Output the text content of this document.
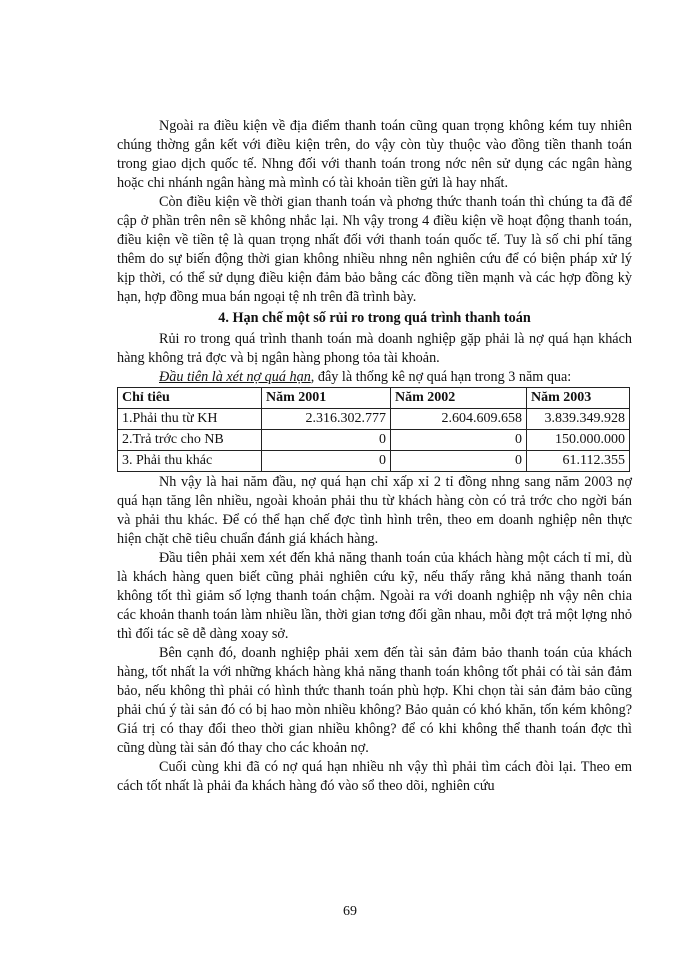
Ngoài ra điều kiện về địa điểm thanh toán cũng quan trọng không kém tuy nhiên chúng thờng gắn kết với điều kiện trên, do vậy còn tùy thuộc vào đồng tiền thanh toán trong giao dịch quốc tế. Nhng đối với thanh toán trong nớc nên sử dụng các ngân hàng hoặc chi nhánh ngân hàng mà mình có tài khoản tiền gửi là hay nhất.

Còn điều kiện về thời gian thanh toán và phơng thức thanh toán thì chúng ta đã để cập ở phần trên nên sẽ không nhắc lại. Nh vậy trong 4 điều kiện về hoạt động thanh toán, điều kiện về tiền tệ là quan trọng nhất đối với thanh toán quốc tế. Tuy là số chi phí tăng thêm do sự biến động thời gian không nhiều nhng nên nghiên cứu để có biện pháp xử lý kịp thời, có thể sử dụng điều kiện đảm bảo bằng các đồng tiền mạnh và các hợp đồng kỳ hạn, hợp đồng mua bán ngoại tệ nh trên đã trình bày.

4. Hạn chế một số rủi ro trong quá trình thanh toán

Rủi ro trong quá trình thanh toán mà doanh nghiệp gặp phải là nợ quá hạn khách hàng không trả đợc và bị ngân hàng phong tỏa tài khoản.

Đầu tiên là xét nợ quá hạn, đây là thống kê nợ quá hạn trong 3 năm qua:

Chỉ tiêu	Năm 2001	Năm 2002	Năm 2003
1.Phải thu từ KH	2.316.302.777	2.604.609.658	3.839.349.928
2.Trả trớc cho NB	0	0	150.000.000
3. Phải thu khác	0	0	61.112.355

Nh vậy là hai năm đầu, nợ quá hạn chỉ xấp xỉ 2 tỉ đồng nhng sang năm 2003 nợ quá hạn tăng lên nhiều, ngoài khoản phải thu từ khách hàng còn có trả trớc cho ngời bán và phải thu khác. Để có thể hạn chế đợc tình hình trên, theo em doanh nghiệp nên thực hiện chặt chẽ tiêu chuẩn đánh giá khách hàng.

Đầu tiên phải xem xét đến khả năng thanh toán của khách hàng một cách tỉ mỉ, dù là khách hàng quen biết cũng phải nghiên cứu kỹ, nếu thấy rằng khả năng thanh toán không tốt thì giảm số lợng thanh toán chậm. Ngoài ra với doanh nghiệp nh vậy nên chia các khoản thanh toán làm nhiều lần, thời gian tơng đối gần nhau, mỗi đợt trả một lợng nhỏ thì đối tác sẽ dễ dàng xoay sở.

Bên cạnh đó, doanh nghiệp phải xem đến tài sản đảm bảo thanh toán của khách hàng, tốt nhất la với những khách hàng khả năng thanh toán không tốt phải có tài sản đảm bảo, nếu không thì phải có hình thức thanh toán phù hợp. Khi chọn tài sản đảm bảo cũng phải chú ý tài sản đó có bị hao mòn nhiều không? Bảo quản có khó khăn, tốn kém không? Giá trị có thay đổi theo thời gian nhiều không? để có khi không thể thanh toán đợc thì cũng dùng tài sản đó thay cho các khoản nợ.

Cuối cùng khi đã có nợ quá hạn nhiều nh vậy thì phải tìm cách đòi lại. Theo em cách tốt nhất là phải đa khách hàng đó vào sổ theo dõi, nghiên cứu

69
